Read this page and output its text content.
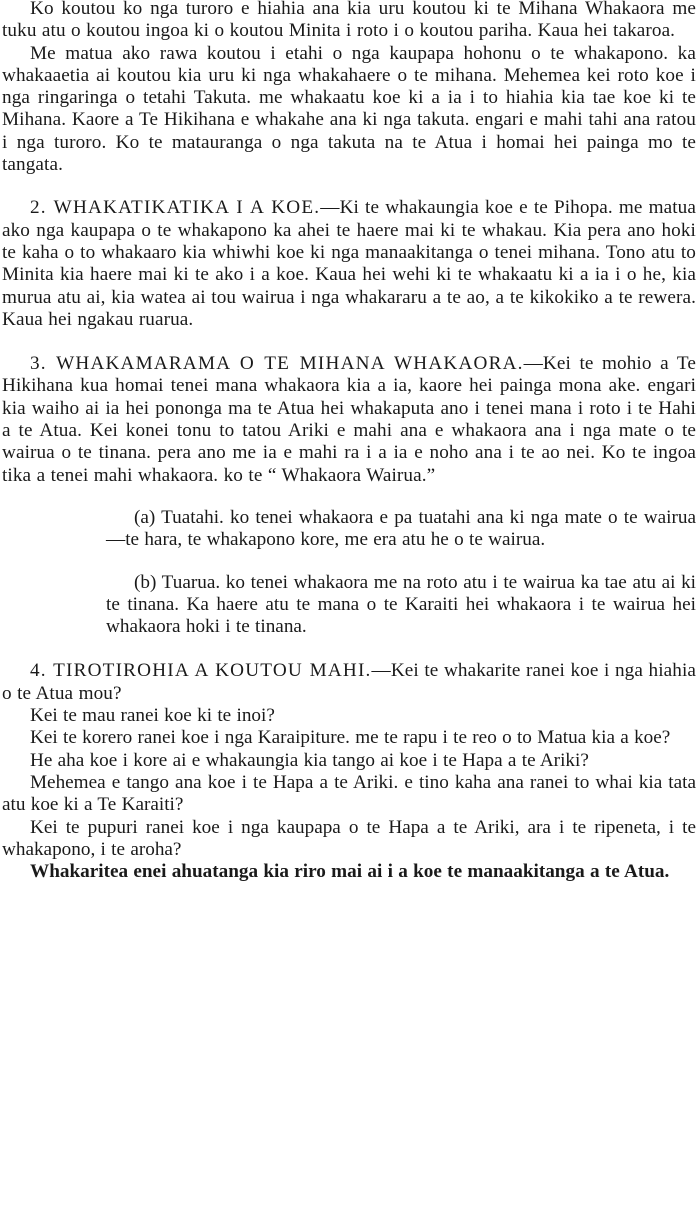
Ko koutou ko nga turoro e hiahia ana kia uru koutou ki te Mihana Whakaora me tuku atu o koutou ingoa ki o koutou Minita i roto i o koutou pariha. Kaua hei takaroa.

Me matua ako rawa koutou i etahi o nga kaupapa hohonu o te whakapono. ka whakaaetia ai koutou kia uru ki nga whakahaere o te mihana. Mehemea kei roto koe i nga ringaringa o tetahi Takuta. me whakaatu koe ki a ia i to hiahia kia tae koe ki te Mihana. Kaore a Te Hikihana e whakahe ana ki nga takuta. engari e mahi tahi ana ratou i nga turoro. Ko te matauranga o nga takuta na te Atua i homai hei painga mo te tangata.

2. WHAKATIKATIKA I A KOE.—Ki te whakaungia koe e te Pihopa. me matua ako nga kaupapa o te whakapono ka ahei te haere mai ki te whakau. Kia pera ano hoki te kaha o to whakaaro kia whiwhi koe ki nga manaakitanga o tenei mihana. Tono atu to Minita kia haere mai ki te ako i a koe. Kaua hei wehi ki te whakaatu ki a ia i o he, kia murua atu ai, kia watea ai tou wairua i nga whakararu a te ao, a te kikokiko a te rewera. Kaua hei ngakau ruarua.

3. WHAKAMARAMA O TE MIHANA WHAKAORA.—Kei te mohio a Te Hikihana kua homai tenei mana whakaora kia a ia, kaore hei painga mona ake. engari kia waiho ai ia hei pononga ma te Atua hei whakaputa ano i tenei mana i roto i te Hahi a te Atua. Kei konei tonu to tatou Ariki e mahi ana e whakaora ana i nga mate o te wairua o te tinana. pera ano me ia e mahi ra i a ia e noho ana i te ao nei. Ko te ingoa tika a tenei mahi whakaora. ko te “ Whakaora Wairua.”

(a) Tuatahi. ko tenei whakaora e pa tuatahi ana ki nga mate o te wairua—te hara, te whakapono kore, me era atu he o te wairua.

(b) Tuarua. ko tenei whakaora me na roto atu i te wairua ka tae atu ai ki te tinana. Ka haere atu te mana o te Karaiti hei whakaora i te wairua hei whakaora hoki i te tinana.

4. TIROTIROHIA A KOUTOU MAHI.—Kei te whakarite ranei koe i nga hiahia o te Atua mou?

Kei te mau ranei koe ki te inoi?

Kei te korero ranei koe i nga Karaipiture. me te rapu i te reo o to Matua kia a koe?

He aha koe i kore ai e whakaungia kia tango ai koe i te Hapa a te Ariki?

Mehemea e tango ana koe i te Hapa a te Ariki. e tino kaha ana ranei to whai kia tata atu koe ki a Te Karaiti?

Kei te pupuri ranei koe i nga kaupapa o te Hapa a te Ariki, ara i te ripeneta, i te whakapono, i te aroha?

Whakaritea enei ahuatanga kia riro mai ai i a koe te manaakitanga a te Atua.
